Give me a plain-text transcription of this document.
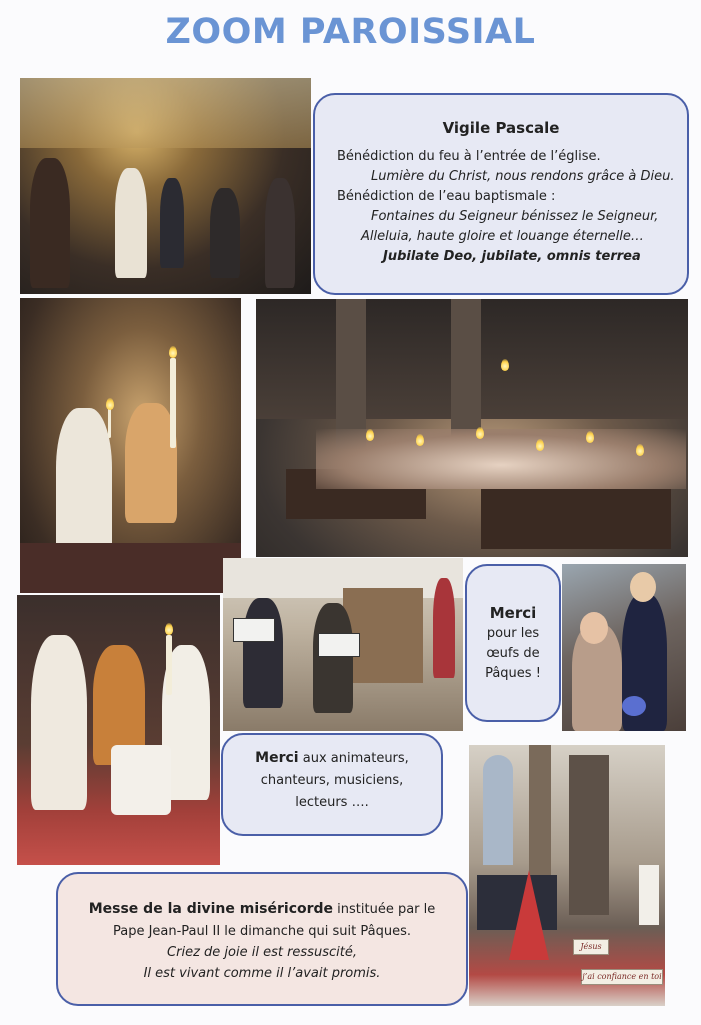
ZOOM PAROISSIAL
Vigile Pascale
Bénédiction du feu à l’entrée de l’église.
Lumière du Christ, nous rendons grâce à Dieu.
Bénédiction de l’eau baptismale :
Fontaines du Seigneur bénissez le Seigneur,
Alleluia, haute gloire et louange éternelle…
Jubilate Deo, jubilate, omnis terrea
Merci
pour les
œufs de
Pâques !
Merci aux animateurs,
chanteurs, musiciens,
lecteurs ….
Jésus
j’ai confiance en toi
Messe de la divine miséricorde instituée par le
Pape Jean-Paul II le dimanche qui suit Pâques.
Criez de joie il est ressuscité,
Il est vivant comme il l’avait promis.
